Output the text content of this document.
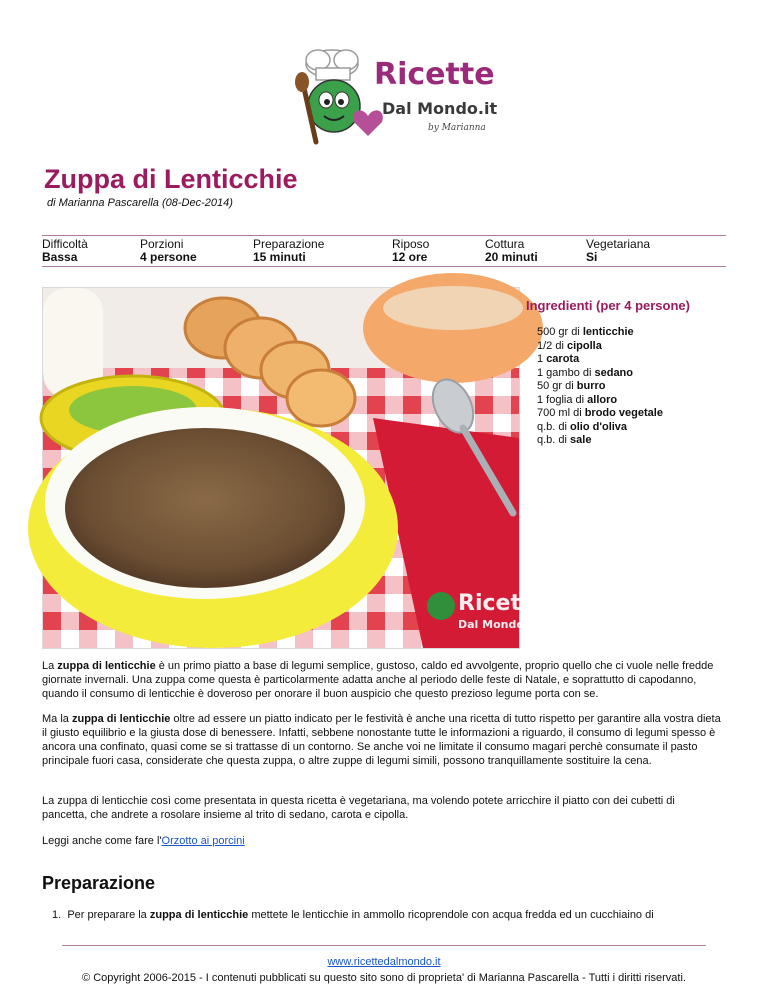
Ricette
Dal Mondo.it
by Marianna
Zuppa di Lenticchie
di Marianna Pascarella (08-Dec-2014)
Difficoltà
Bassa
Porzioni
4 persone
Preparazione
15 minuti
Riposo
12 ore
Cottura
20 minuti
Vegetariana
Si
Ricette
Dal Mondo.it
Ingredienti (per 4 persone)
500 gr di lenticchie
1/2 di cipolla
1 carota
1 gambo di sedano
50 gr di burro
1 foglia di alloro
700 ml di brodo vegetale
q.b. di olio d'oliva
q.b. di sale

La zuppa di lenticchie è un primo piatto a base di legumi semplice, gustoso, caldo ed avvolgente, proprio quello che ci vuole nelle fredde giornate invernali. Una zuppa come questa è particolarmente adatta anche al periodo delle feste di Natale, e soprattutto di capodanno, quando il consumo di lenticchie è doveroso per onorare il buon auspicio che questo prezioso legume porta con se.

Ma la zuppa di lenticchie oltre ad essere un piatto indicato per le festività è anche una ricetta di tutto rispetto per garantire alla vostra dieta il giusto equilibrio e la giusta dose di benessere. Infatti, sebbene nonostante tutte le informazioni a riguardo, il consumo di legumi spesso è ancora una confinato, quasi come se si trattasse di un contorno. Se anche voi ne limitate il consumo magari perchè consumate il pasto principale fuori casa, considerate che questa zuppa, o altre zuppe di legumi simili, possono tranquillamente sostituire la cena.

La zuppa di lenticchie così come presentata in questa ricetta è vegetariana, ma volendo potete arricchire il piatto con dei cubetti di pancetta, che andrete a rosolare insieme al trito di sedano, carota e cipolla.

Leggi anche come fare l'Orzotto ai porcini

Preparazione
1. Per preparare la zuppa di lenticchie mettete le lenticchie in ammollo ricoprendole con acqua fredda ed un cucchiaino di
www.ricettedalmondo.it
© Copyright 2006-2015 - I contenuti pubblicati su questo sito sono di proprieta' di Marianna Pascarella - Tutti i diritti riservati.
